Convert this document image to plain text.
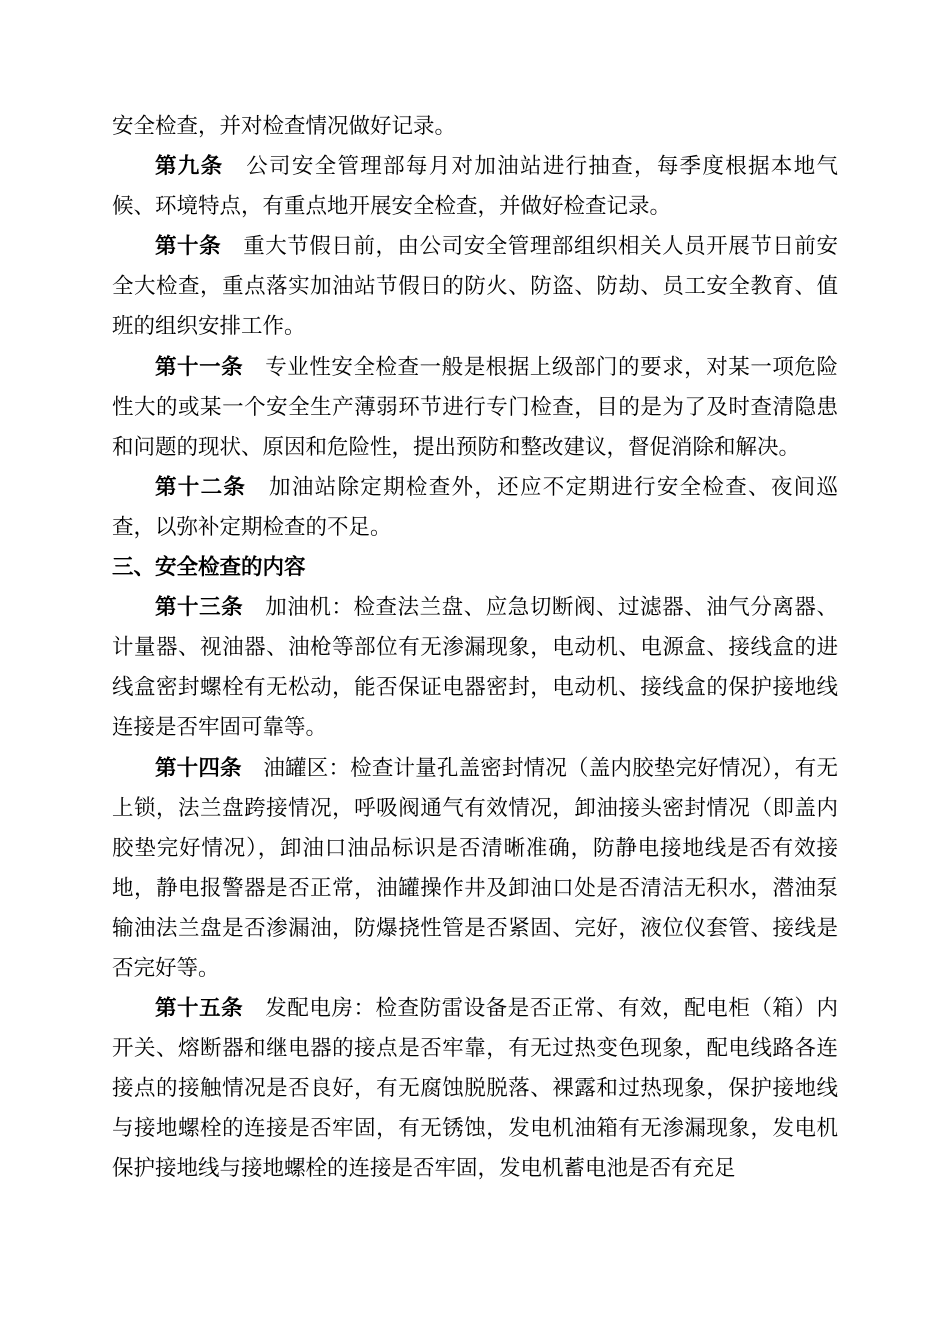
安全检查，并对检查情况做好记录。

第九条 公司安全管理部每月对加油站进行抽查，每季度根据本地气候、环境特点，有重点地开展安全检查，并做好检查记录。

第十条 重大节假日前，由公司安全管理部组织相关人员开展节日前安全大检查，重点落实加油站节假日的防火、防盗、防劫、员工安全教育、值班的组织安排工作。

第十一条 专业性安全检查一般是根据上级部门的要求，对某一项危险性大的或某一个安全生产薄弱环节进行专门检查，目的是为了及时查清隐患和问题的现状、原因和危险性，提出预防和整改建议，督促消除和解决。

第十二条 加油站除定期检查外，还应不定期进行安全检查、夜间巡查，以弥补定期检查的不足。

三、安全检查的内容

第十三条 加油机：检查法兰盘、应急切断阀、过滤器、油气分离器、计量器、视油器、油枪等部位有无渗漏现象，电动机、电源盒、接线盒的进线盒密封螺栓有无松动，能否保证电器密封，电动机、接线盒的保护接地线连接是否牢固可靠等。

第十四条 油罐区：检查计量孔盖密封情况（盖内胶垫完好情况），有无上锁，法兰盘跨接情况，呼吸阀通气有效情况，卸油接头密封情况（即盖内胶垫完好情况），卸油口油品标识是否清晰准确，防静电接地线是否有效接地，静电报警器是否正常，油罐操作井及卸油口处是否清洁无积水，潜油泵输油法兰盘是否渗漏油，防爆挠性管是否紧固、完好，液位仪套管、接线是否完好等。

第十五条 发配电房：检查防雷设备是否正常、有效，配电柜（箱）内开关、熔断器和继电器的接点是否牢靠，有无过热变色现象，配电线路各连接点的接触情况是否良好，有无腐蚀脱脱落、裸露和过热现象，保护接地线与接地螺栓的连接是否牢固，有无锈蚀，发电机油箱有无渗漏现象，发电机保护接地线与接地螺栓的连接是否牢固，发电机蓄电池是否有充足
